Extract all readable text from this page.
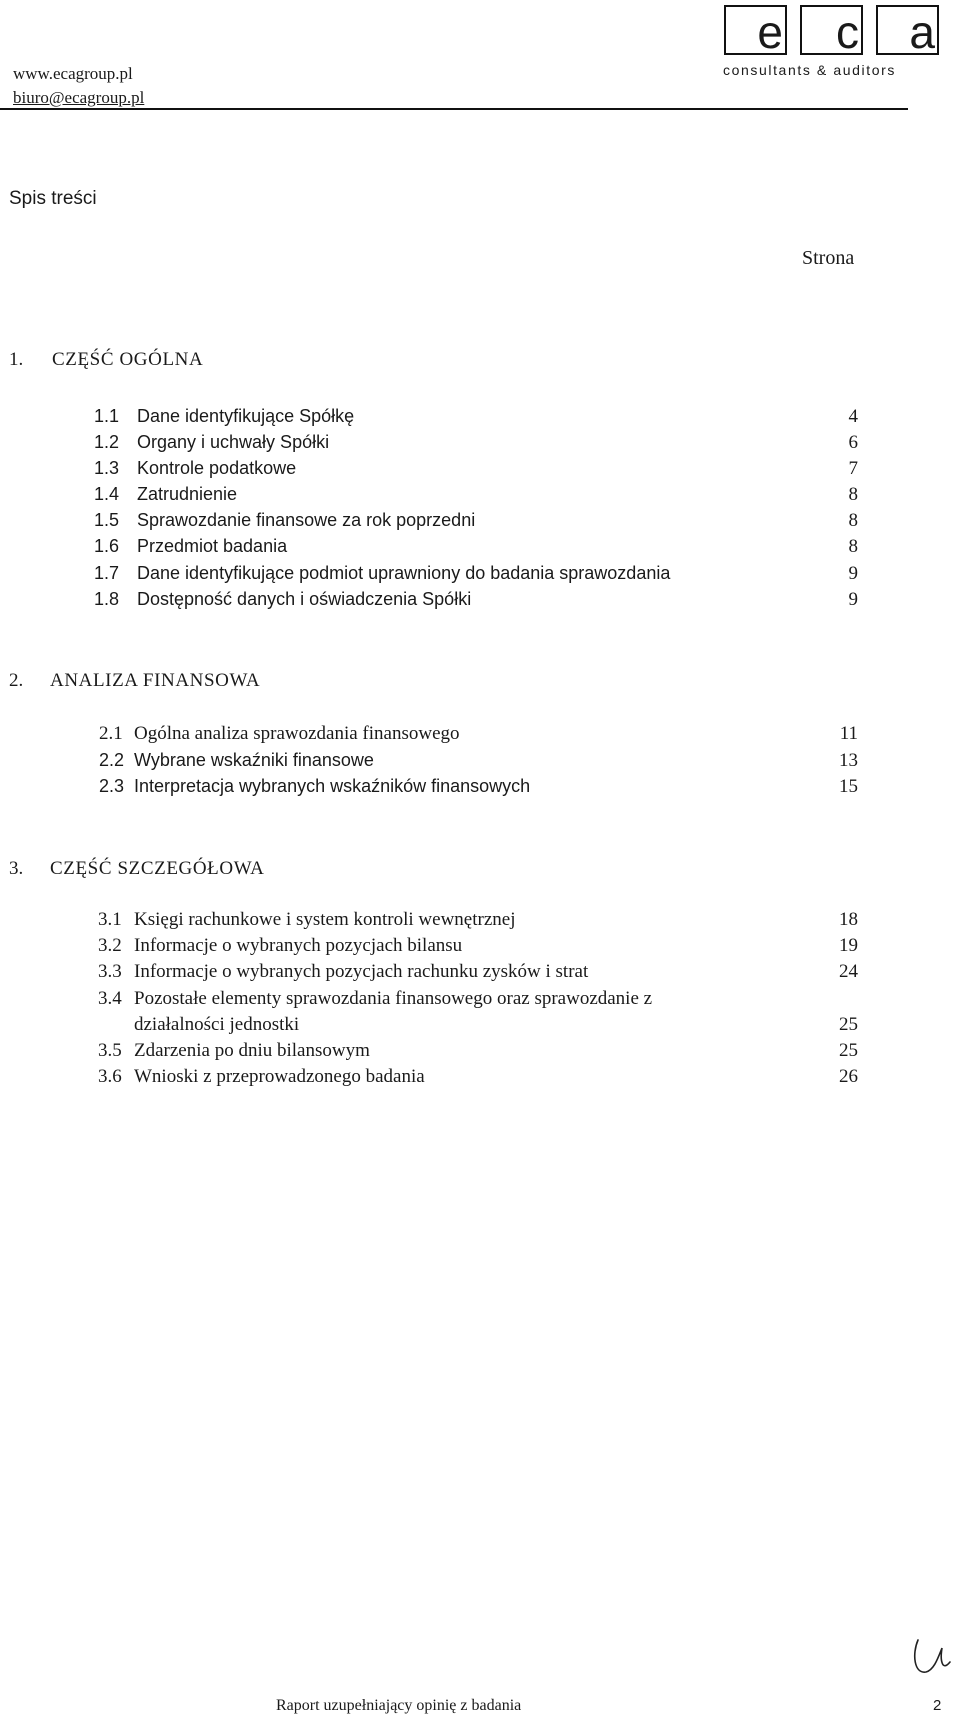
www.ecagroup.pl
biuro@ecagroup.pl
e	c	a
consultants & auditors
Spis treści
Strona
1. CZĘŚĆ OGÓLNA
1.1 Dane identyfikujące Spółkę	4
1.2 Organy i uchwały Spółki	6
1.3 Kontrole podatkowe	7
1.4 Zatrudnienie	8
1.5 Sprawozdanie finansowe za rok poprzedni	8
1.6 Przedmiot badania	8
1.7 Dane identyfikujące podmiot uprawniony do badania sprawozdania	9
1.8 Dostępność danych i oświadczenia Spółki	9
2. ANALIZA FINANSOWA
2.1 Ogólna analiza sprawozdania finansowego	11
2.2 Wybrane wskaźniki finansowe	13
2.3 Interpretacja wybranych wskaźników finansowych	15
3. CZĘŚĆ SZCZEGÓŁOWA
3.1 Księgi rachunkowe i system kontroli wewnętrznej	18
3.2 Informacje o wybranych pozycjach bilansu	19
3.3 Informacje o wybranych pozycjach rachunku zysków i strat	24
3.4 Pozostałe elementy sprawozdania finansowego oraz sprawozdanie z
działalności jednostki	25
3.5 Zdarzenia po dniu bilansowym	25
3.6 Wnioski z przeprowadzonego badania	26
Raport uzupełniający opinię z badania	2
